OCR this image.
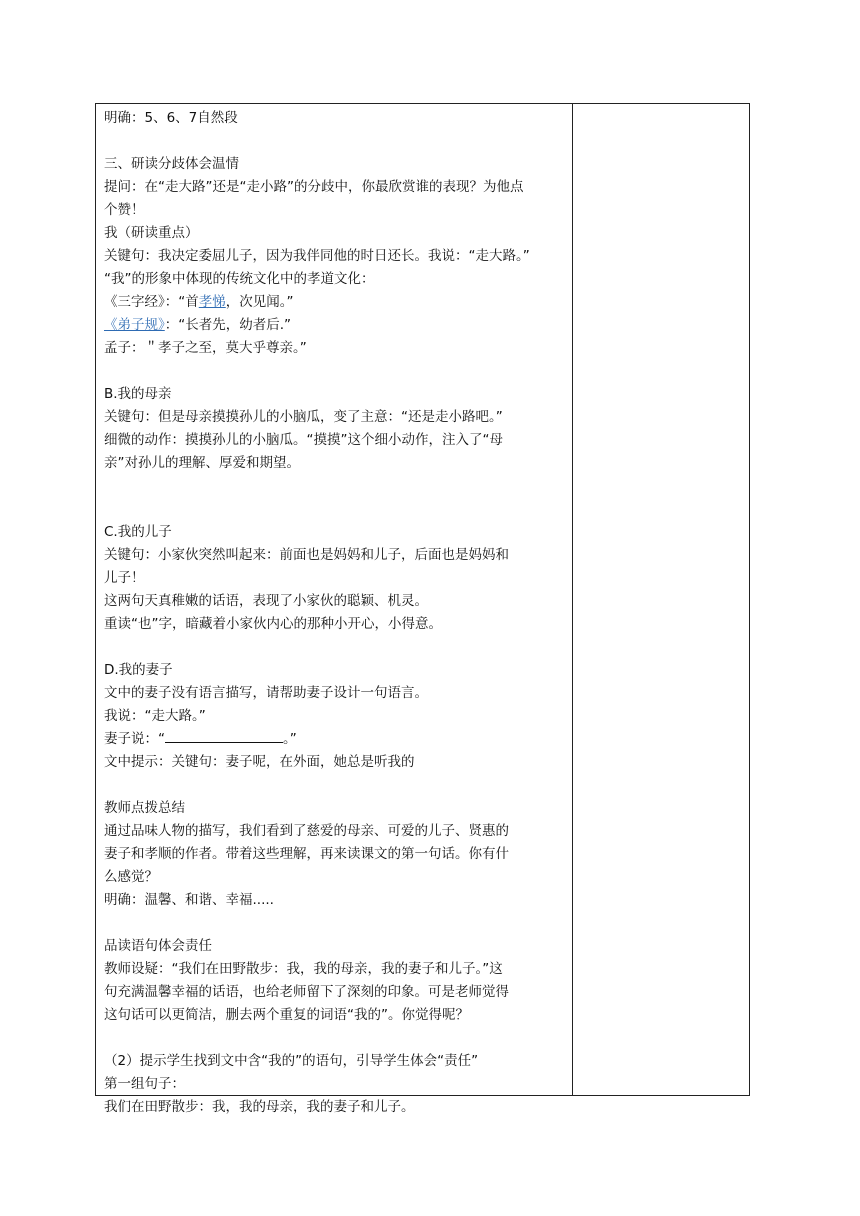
明确：5、6、7自然段

三、研读分歧体会温情

提问：在“走大路”还是“走小路”的分歧中，你最欣赏谁的表现？为他点

个赞！

我（研读重点）

关键句：我决定委屈儿子，因为我伴同他的时日还长。我说：“走大路。”

“我”的形象中体现的传统文化中的孝道文化：

《三字经》：“首孝悌，次见闻。”

《弟子规》：“长者先，幼者后.”

孟子：＂孝子之至，莫大乎尊亲。”

B.我的母亲

关键句：但是母亲摸摸孙儿的小脑瓜，变了主意：“还是走小路吧。”

细微的动作：摸摸孙儿的小脑瓜。“摸摸”这个细小动作，注入了“母

亲”对孙儿的理解、厚爱和期望。

C.我的儿子

关键句：小家伙突然叫起来：前面也是妈妈和儿子，后面也是妈妈和

儿子！

这两句天真稚嫩的话语，表现了小家伙的聪颖、机灵。

重读“也”字，暗藏着小家伙内心的那种小开心，小得意。

D.我的妻子

文中的妻子没有语言描写，请帮助妻子设计一句语言。

我说：“走大路。”

妻子说：“	。”

文中提示：关键句：妻子呢，在外面，她总是听我的

教师点拨总结

通过品味人物的描写，我们看到了慈爱的母亲、可爱的儿子、贤惠的

妻子和孝顺的作者。带着这些理解，再来读课文的第一句话。你有什

么感觉？

明确：温馨、和谐、幸福.....

品读语句体会责任

教师设疑：“我们在田野散步：我，我的母亲，我的妻子和儿子。”这

句充满温馨幸福的话语，也给老师留下了深刻的印象。可是老师觉得

这句话可以更简洁，删去两个重复的词语“我的”。你觉得呢？

（2）提示学生找到文中含“我的”的语句，引导学生体会“责任”

第一组句子：

我们在田野散步：我，我的母亲，我的妻子和儿子。
